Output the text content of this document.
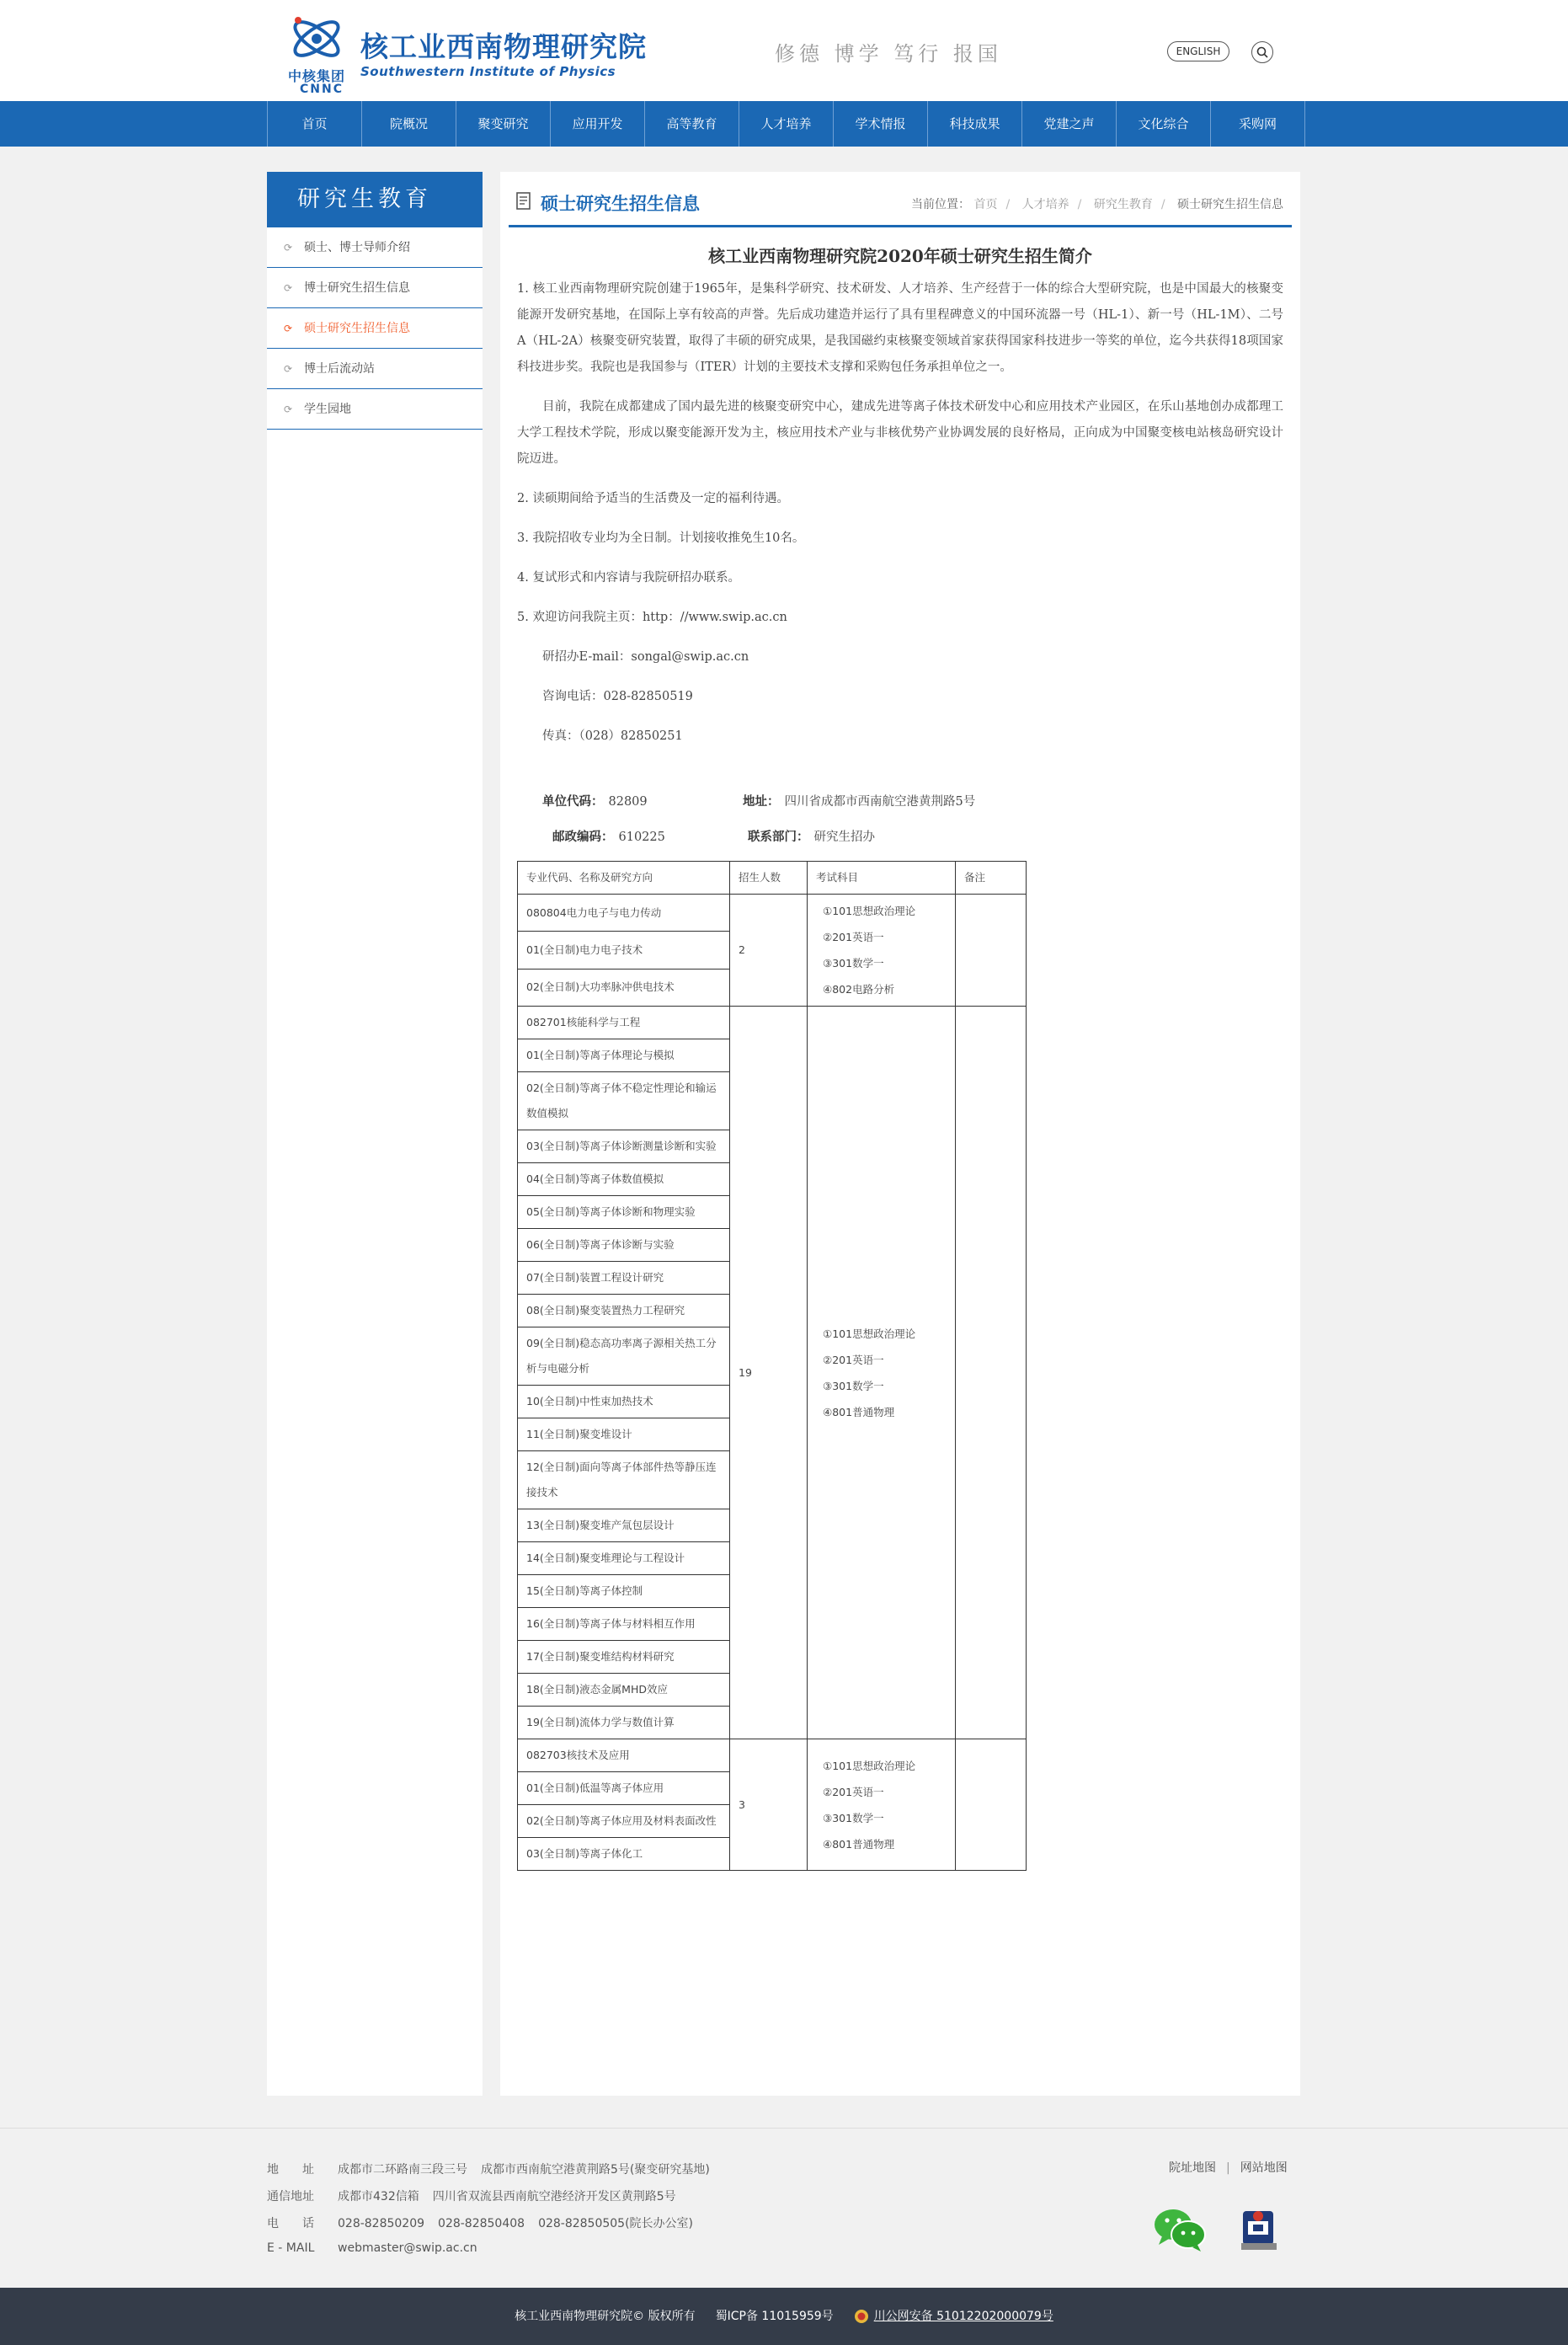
中核集团
CNNC
核工业西南物理研究院
Southwestern Institute of Physics
修德 博学 笃行 报国	ENGLISH
首页	院概况	聚变研究	应用开发	高等教育	人才培养	学术情报	科技成果	党建之声	文化综合	采购网
研究生教育
⟳ 硕士、博士导师介绍
⟳ 博士研究生招生信息
⟳ 硕士研究生招生信息
⟳ 博士后流动站
⟳ 学生园地
硕士研究生招生信息	当前位置： 首页 / 人才培养 / 研究生教育 / 硕士研究生招生信息
核工业西南物理研究院2020年硕士研究生招生简介

1. 核工业西南物理研究院创建于1965年，是集科学研究、技术研发、人才培养、生产经营于一体的综合大型研究院，也是中国最大的核聚变能源开发研究基地，在国际上享有较高的声誉。先后成功建造并运行了具有里程碑意义的中国环流器一号（HL-1）、新一号（HL-1M）、二号A（HL-2A）核聚变研究装置，取得了丰硕的研究成果，是我国磁约束核聚变领域首家获得国家科技进步一等奖的单位，迄今共获得18项国家科技进步奖。我院也是我国参与（ITER）计划的主要技术支撑和采购包任务承担单位之一。

目前，我院在成都建成了国内最先进的核聚变研究中心，建成先进等离子体技术研发中心和应用技术产业园区，在乐山基地创办成都理工大学工程技术学院，形成以聚变能源开发为主，核应用技术产业与非核优势产业协调发展的良好格局，正向成为中国聚变核电站核岛研究设计院迈进。

2. 读硕期间给予适当的生活费及一定的福利待遇。

3. 我院招收专业均为全日制。计划接收推免生10名。

4. 复试形式和内容请与我院研招办联系。

5. 欢迎访问我院主页：http：//www.swip.ac.cn

研招办E-mail：songal@swip.ac.cn

咨询电话：028-82850519

传真：（028）82850251

单位代码： 82809	地址： 四川省成都市西南航空港黄荆路5号
邮政编码： 610225	联系部门： 研究生招办
专业代码、名称及研究方向	招生人数	考试科目	备注
080804电力电子与电力传动	2	①101思想政治理论
②201英语一
③301数学一
④802电路分析	

01(全日制)电力电子技术			
02(全日制)大功率脉冲供电技术			
082701核能科学与工程	19	①101思想政治理论
②201英语一
③301数学一
④801普通物理	

01(全日制)等离子体理论与模拟			
02(全日制)等离子体不稳定性理论和输运数值模拟			
03(全日制)等离子体诊断测量诊断和实验			
04(全日制)等离子体数值模拟			
05(全日制)等离子体诊断和物理实验			
06(全日制)等离子体诊断与实验			
07(全日制)装置工程设计研究			
08(全日制)聚变装置热力工程研究			
09(全日制)稳态高功率离子源相关热工分析与电磁分析			
10(全日制)中性束加热技术			
11(全日制)聚变堆设计			
12(全日制)面向等离子体部件热等静压连接技术			
13(全日制)聚变堆产氚包层设计			
14(全日制)聚变堆理论与工程设计			
15(全日制)等离子体控制			
16(全日制)等离子体与材料相互作用			
17(全日制)聚变堆结构材料研究			
18(全日制)液态金属MHD效应			
19(全日制)流体力学与数值计算			
082703核技术及应用	3	①101思想政治理论
②201英语一
③301数学一
④801普通物理	

01(全日制)低温等离子体应用			
02(全日制)等离子体应用及材料表面改性			
03(全日制)等离子体化工			
地　　址 成都市二环路南三段三号 成都市西南航空港黄荆路5号(聚变研究基地)
通信地址 成都市432信箱 四川省双流县西南航空港经济开发区黄荆路5号
电　　话 028-82850209 028-82850408 028-82850505(院长办公室)
E - MAIL webmaster@swip.ac.cn
院址地图 | 网站地图
核工业西南物理研究院© 版权所有 蜀ICP备 11015959号	川公网安备 51012202000079号
